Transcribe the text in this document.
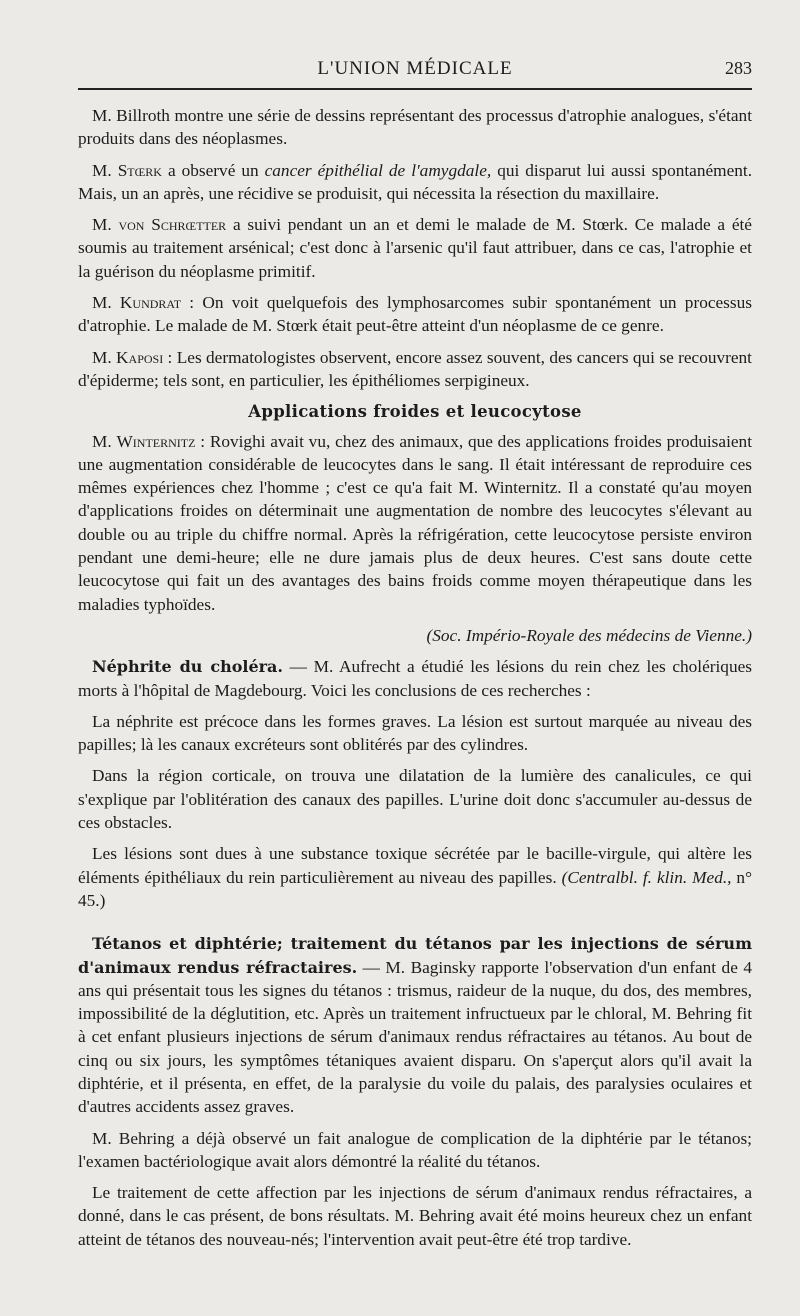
L'UNION MÉDICALE	283

M. Billroth montre une série de dessins représentant des processus d'atrophie analogues, s'étant produits dans des néoplasmes.

M. Stœrk a observé un cancer épithélial de l'amygdale, qui disparut lui aussi spontanément. Mais, un an après, une récidive se produisit, qui nécessita la résection du maxillaire.

M. von Schrœtter a suivi pendant un an et demi le malade de M. Stœrk. Ce malade a été soumis au traitement arsénical; c'est donc à l'arsenic qu'il faut attribuer, dans ce cas, l'atrophie et la guérison du néoplasme primitif.

M. Kundrat : On voit quelquefois des lymphosarcomes subir spontanément un processus d'atrophie. Le malade de M. Stœrk était peut-être atteint d'un néoplasme de ce genre.

M. Kaposi : Les dermatologistes observent, encore assez souvent, des cancers qui se recouvrent d'épiderme; tels sont, en particulier, les épithéliomes serpigineux.

Applications froides et leucocytose

M. Winternitz : Rovighi avait vu, chez des animaux, que des applications froides produisaient une augmentation considérable de leucocytes dans le sang. Il était intéressant de reproduire ces mêmes expériences chez l'homme ; c'est ce qu'a fait M. Winternitz. Il a constaté qu'au moyen d'applications froides on déterminait une augmentation de nombre des leucocytes s'élevant au double ou au triple du chiffre normal. Après la réfrigération, cette leucocytose persiste environ pendant une demi-heure; elle ne dure jamais plus de deux heures. C'est sans doute cette leucocytose qui fait un des avantages des bains froids comme moyen thérapeutique dans les maladies typhoïdes.

(Soc. Império-Royale des médecins de Vienne.)

Néphrite du choléra. — M. Aufrecht a étudié les lésions du rein chez les cholériques morts à l'hôpital de Magdebourg. Voici les conclusions de ces recherches :

La néphrite est précoce dans les formes graves. La lésion est surtout marquée au niveau des papilles; là les canaux excréteurs sont oblitérés par des cylindres.

Dans la région corticale, on trouva une dilatation de la lumière des canalicules, ce qui s'explique par l'oblitération des canaux des papilles. L'urine doit donc s'accumuler au-dessus de ces obstacles.

Les lésions sont dues à une substance toxique sécrétée par le bacille-virgule, qui altère les éléments épithéliaux du rein particulièrement au niveau des papilles. (Centralbl. f. klin. Med., n° 45.)

Tétanos et diphtérie; traitement du tétanos par les injections de sérum d'animaux rendus réfractaires. — M. Baginsky rapporte l'observation d'un enfant de 4 ans qui présentait tous les signes du tétanos : trismus, raideur de la nuque, du dos, des membres, impossibilité de la déglutition, etc. Après un traitement infructueux par le chloral, M. Behring fit à cet enfant plusieurs injections de sérum d'animaux rendus réfractaires au tétanos. Au bout de cinq ou six jours, les symptômes tétaniques avaient disparu. On s'aperçut alors qu'il avait la diphtérie, et il présenta, en effet, de la paralysie du voile du palais, des paralysies oculaires et d'autres accidents assez graves.

M. Behring a déjà observé un fait analogue de complication de la diphtérie par le tétanos; l'examen bactériologique avait alors démontré la réalité du tétanos.

Le traitement de cette affection par les injections de sérum d'animaux rendus réfractaires, a donné, dans le cas présent, de bons résultats. M. Behring avait été moins heureux chez un enfant atteint de tétanos des nouveau-nés; l'intervention avait peut-être été trop tardive.
